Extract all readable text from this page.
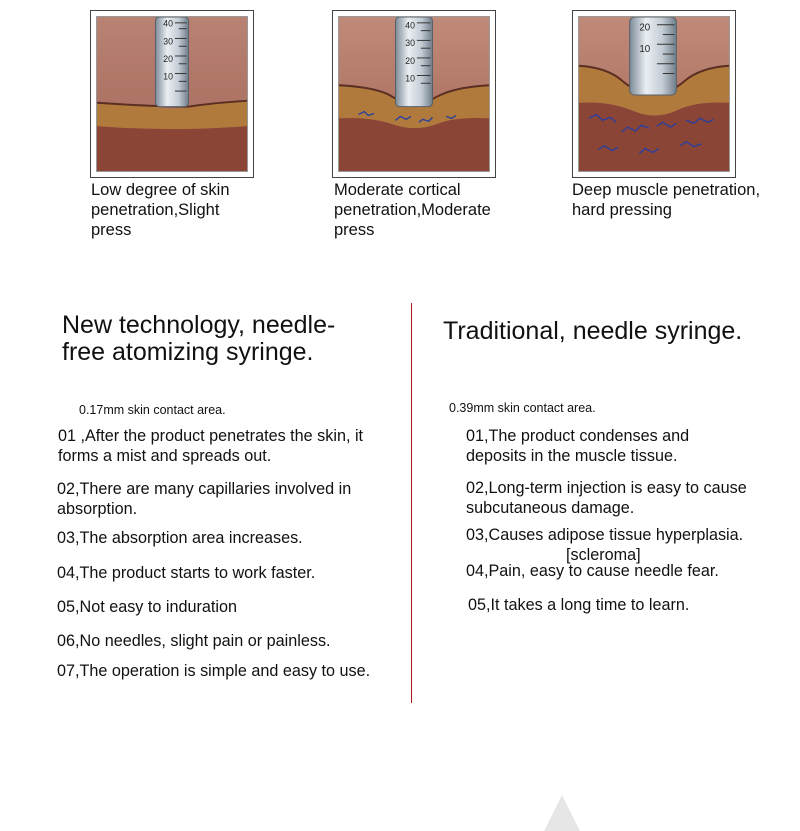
40
30
20
10
Low degree of skin penetration,Slight press
40
30
20
10
Moderate cortical penetration,Moderate press
20
10
Deep muscle penetration, hard pressing
New technology, needle-free atomizing syringe.
0.17mm skin contact area.
01 ,After the product penetrates the skin, it forms a mist and spreads out.
02,There are many capillaries involved in absorption.
03,The absorption area increases.
04,The product starts to work faster.
05,Not easy to induration
06,No needles, slight pain or painless.
07,The operation is simple and easy to use.
Traditional, needle syringe.
0.39mm skin contact area.
01,The product condenses and deposits in the muscle tissue.
02,Long-term injection is easy to cause subcutaneous damage.
03,Causes adipose tissue hyperplasia.
[scleroma]
04,Pain, easy to cause needle fear.
05,It takes a long time to learn.
